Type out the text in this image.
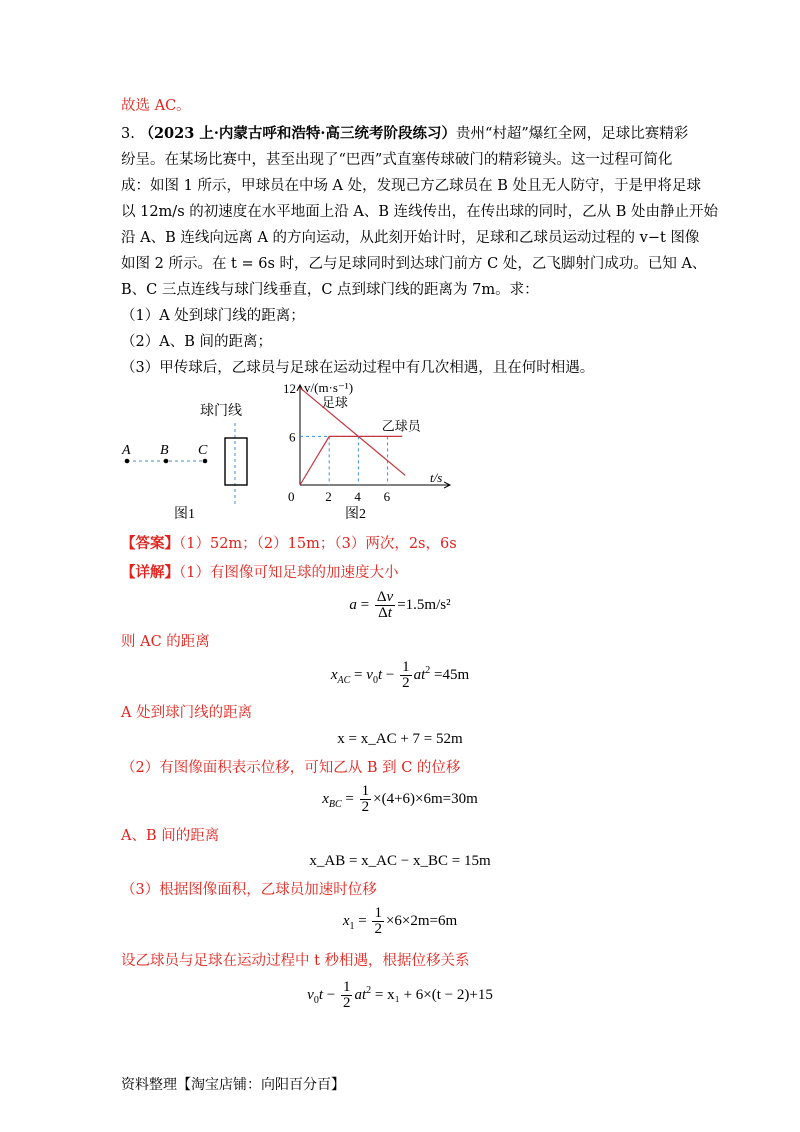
故选 AC。
3. （2023 上·内蒙古呼和浩特·高三统考阶段练习）贵州“村超”爆红全网，足球比赛精彩
纷呈。在某场比赛中，甚至出现了“巴西”式直塞传球破门的精彩镜头。这一过程可简化
成：如图 1 所示，甲球员在中场 A 处，发现己方乙球员在 B 处且无人防守，于是甲将足球
以 12m/s 的初速度在水平地面上沿 A、B 连线传出，在传出球的同时，乙从 B 处由静止开始
沿 A、B 连线向远离 A 的方向运动，从此刻开始计时，足球和乙球员运动过程的 v−t 图像
如图 2 所示。在 t = 6s 时，乙与足球同时到达球门前方 C 处，乙飞脚射门成功。已知 A、
B、C 三点连线与球门线垂直，C 点到球门线的距离为 7m。求：
（1）A 处到球门线的距离；
（2）A、B 间的距离；
（3）甲传球后，乙球员与足球在运动过程中有几次相遇，且在何时相遇。
球门线
A B C
图1
2 4 6
6
12 v/(m·s⁻¹)
t/s
0
足球
乙球员
图2
【答案】（1）52m；（2）15m；（3）两次，2s，6s
【详解】（1）有图像可知足球的加速度大小
$a = \frac{\Delta v}{\Delta t} =1.5m/s^2$
则 AC 的距离
$x_{AC} = v_0t - \frac{1}{2} at^2 =45m$
A 处到球门线的距离
x = x_AC + 7 = 52m
（2）有图像面积表示位移，可知乙从 B 到 C 的位移
$x_{BC} = \frac{1}{2} \times(4+6)\times 6m=30m$
A、B 间的距离
x_AB = x_AC − x_BC = 15m
（3）根据图像面积，乙球员加速时位移
$x_1 = \frac{1}{2} \times 6\times 2m=6m$
设乙球员与足球在运动过程中 t 秒相遇，根据位移关系
$v_0t - \frac{1}{2} at^2 = x_1 + 6\times(t - 2)+15$
资料整理【淘宝店铺：向阳百分百】
